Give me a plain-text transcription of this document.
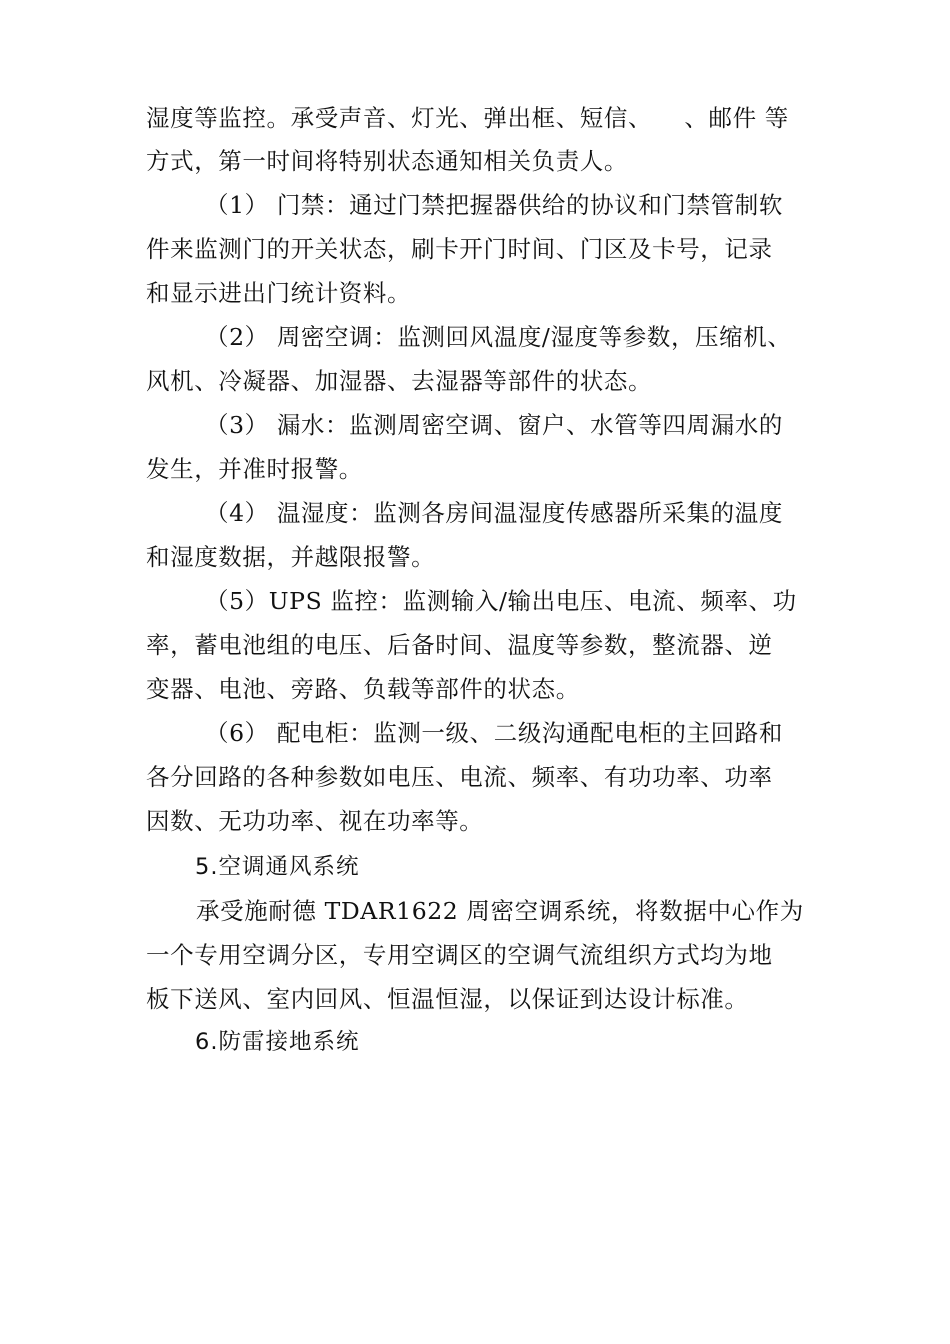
湿度等监控。承受声音、灯光、弹出框、短信、    、邮件 等
方式，第一时间将特别状态通知相关负责人。
（1） 门禁：通过门禁把握器供给的协议和门禁管制软
件来监测门的开关状态，刷卡开门时间、门区及卡号，记录
和显示进出门统计资料。
（2） 周密空调：监测回风温度/湿度等参数，压缩机、
风机、冷凝器、加湿器、去湿器等部件的状态。
（3） 漏水：监测周密空调、窗户、水管等四周漏水的
发生，并准时报警。
（4） 温湿度：监测各房间温湿度传感器所采集的温度
和湿度数据，并越限报警。
（5）UPS 监控：监测输入/输出电压、电流、频率、功
率，蓄电池组的电压、后备时间、温度等参数，整流器、逆
变器、电池、旁路、负载等部件的状态。
（6） 配电柜：监测一级、二级沟通配电柜的主回路和
各分回路的各种参数如电压、电流、频率、有功功率、功率
因数、无功功率、视在功率等。
5.空调通风系统
承受施耐德 TDAR1622 周密空调系统，将数据中心作为
一个专用空调分区，专用空调区的空调气流组织方式均为地
板下送风、室内回风、恒温恒湿，以保证到达设计标准。
6.防雷接地系统
